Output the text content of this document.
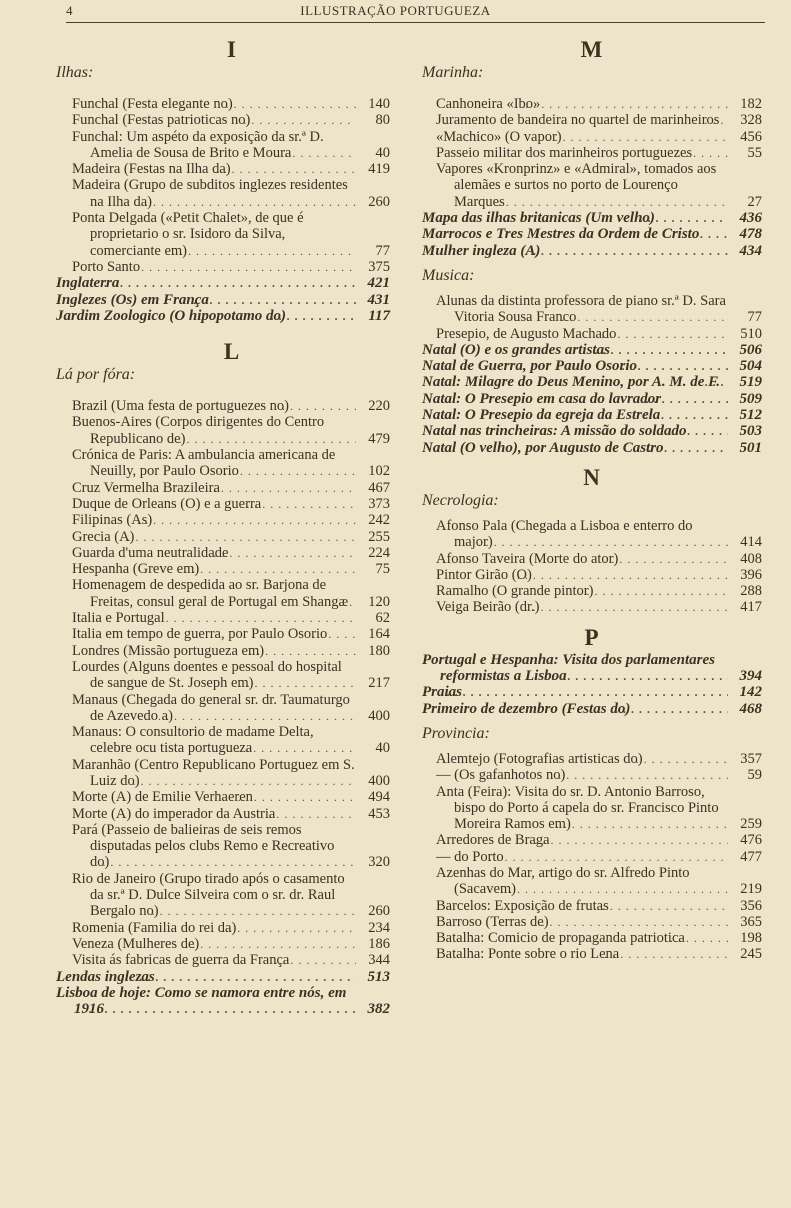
4	ILLUSTRAÇÃO PORTUGUEZA
I
Ilhas:
Funchal (Festa elegante no) . . .	140
Funchal (Festas patrioticas no) . . .	80
Funchal: Um aspéto da exposição da sr.ª D. Amelia de Sousa de Brito e Moura . . .	40
Madeira (Festas na Ilha da) . . .	419
Madeira (Grupo de subditos inglezes residentes na Ilha da) . . .	260
Ponta Delgada («Petit Chalet», de que é proprietario o sr. Isidoro da Silva, comerciante em) . . .	77
Porto Santo . . .	375
Inglaterra . . .	421
Inglezes (Os) em França . . .	431
Jardim Zoologico (O hipopotamo do) . . .	117
L
Lá por fóra:
Brazil (Uma festa de portuguezes no) . . .	220
Buenos-Aires (Corpos dirigentes do Centro Republicano de) . . .	479
Crónica de Paris: A ambulancia americana de Neuilly, por Paulo Osorio . . .	102
Cruz Vermelha Brazileira . . .	467
Duque de Orleans (O) e a guerra . . .	373
Filipinas (As) . . .	242
Grecia (A) . . .	255
Guarda d'uma neutralidade . . .	224
Hespanha (Greve em) . . .	75
Homenagem de despedida ao sr. Barjona de Freitas, consul geral de Portugal em Shangæ . . .	120
Italia e Portugal . . .	62
Italia em tempo de guerra, por Paulo Osorio . . .	164
Londres (Missão portugueza em) . . .	180
Lourdes (Alguns doentes e pessoal do hospital de sangue de St. Joseph em) . . .	217
Manaus (Chegada do general sr. dr. Taumaturgo de Azevedo a) . . .	400
Manaus: O consultorio de madame Delta, celebre ocu tista portugueza . . .	40
Maranhão (Centro Republicano Portuguez em S. Luiz do) . . .	400
Morte (A) de Emilie Verhaeren . . .	494
Morte (A) do imperador da Austria . . .	453
Pará (Passeio de balieiras de seis remos disputadas pelos clubs Remo e Recreativo do) . . .	320
Rio de Janeiro (Grupo tirado após o casamento da sr.ª D. Dulce Silveira com o sr. dr. Raul Bergalo no) . . .	260
Romenia (Familia do rei da) . . .	234
Veneza (Mulheres de) . . .	186
Visita ás fabricas de guerra da França . . .	344
Lendas inglezas . . .	513
Lisboa de hoje: Como se namora entre nós, em 1916 . . .	382
M
Marinha:
Canhoneira «Ibo» . . .	182
Juramento de bandeira no quartel de marinheiros . . .	328
«Machico» (O vapor) . . .	456
Passeio militar dos marinheiros portuguezes . . .	55
Vapores «Kronprinz» e «Admiral», tomados aos alemães e surtos no porto de Lourenço Marques . . .	27
Mapa das ilhas britanicas (Um velho) . . .	436
Marrocos e Tres Mestres da Ordem de Cristo . . .	478
Mulher ingleza (A) . . .	434
Musica:
Alunas da distinta professora de piano sr.ª D. Sara Vitoria Sousa Franco . . .	77
Presepio, de Augusto Machado . . .	510
Natal (O) e os grandes artistas . . .	506
Natal de Guerra, por Paulo Osorio . . .	504
Natal: Milagre do Deus Menino, por A. M. de F. . . .	519
Natal: O Presepio em casa do lavrador . . .	509
Natal: O Presepio da egreja da Estrela . . .	512
Natal nas trincheiras: A missão do soldado . . .	503
Natal (O velho), por Augusto de Castro . . .	501
N
Necrologia:
Afonso Pala (Chegada a Lisboa e enterro do major) . . .	414
Afonso Taveira (Morte do ator) . . .	408
Pintor Girão (O) . . .	396
Ramalho (O grande pintor) . . .	288
Veiga Beirão (dr.) . . .	417
P
Portugal e Hespanha: Visita dos parlamentares reformistas a Lisboa . . .	394
Praias . . .	142
Primeiro de dezembro (Festas do) . . .	468
Provincia:
Alemtejo (Fotografias artisticas do) . . .	357
— (Os gafanhotos no) . . .	59
Anta (Feira): Visita do sr. D. Antonio Barroso, bispo do Porto á capela do sr. Francisco Pinto Moreira Ramos em) . . .	259
Arredores de Braga . . .	476
— do Porto . . .	477
Azenhas do Mar, artigo do sr. Alfredo Pinto (Sacavem) . . .	219
Barcelos: Exposição de frutas . . .	356
Barroso (Terras de) . . .	365
Batalha: Comicio de propaganda patriotica . . .	198
Batalha: Ponte sobre o rio Lena . . .	245
